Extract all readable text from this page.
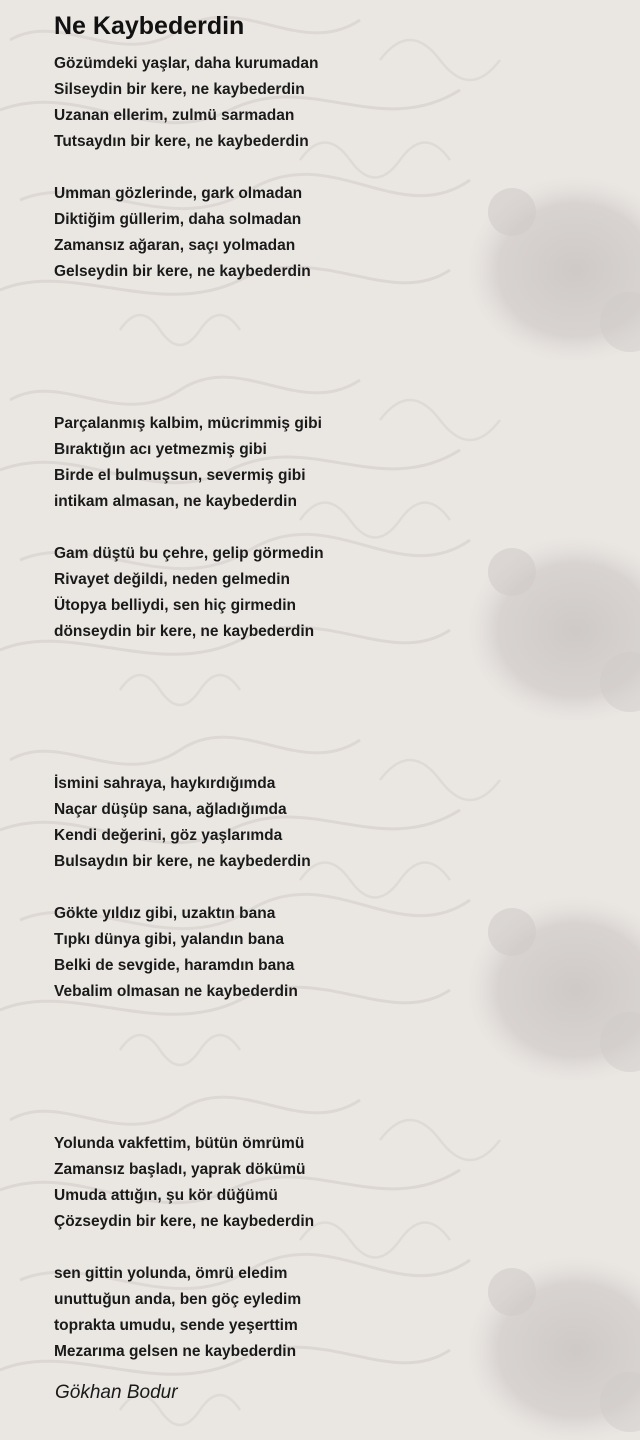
Ne Kaybederdin
Gözümdeki yaşlar, daha kurumadan
Silseydin bir kere, ne kaybederdin
Uzanan ellerim, zulmü sarmadan
Tutsaydın bir kere, ne kaybederdin
Umman gözlerinde, gark olmadan
Diktiğim güllerim, daha solmadan
Zamansız ağaran, saçı yolmadan
Gelseydin bir kere, ne kaybederdin
Parçalanmış kalbim, mücrimmiş gibi
Bıraktığın acı yetmezmiş gibi
Birde el bulmuşsun, severmiş gibi
intikam almasan, ne kaybederdin
Gam düştü bu çehre, gelip görmedin
Rivayet değildi, neden gelmedin
Ütopya belliydi, sen hiç girmedin
dönseydin bir kere, ne kaybederdin
İsmini sahraya, haykırdığımda
Naçar düşüp sana, ağladığımda
Kendi değerini, göz yaşlarımda
Bulsaydın bir kere, ne kaybederdin
Gökte yıldız gibi, uzaktın bana
Tıpkı dünya gibi, yalandın bana
Belki de sevgide, haramdın bana
Vebalim olmasan ne kaybederdin
Yolunda vakfettim, bütün ömrümü
Zamansız başladı, yaprak dökümü
Umuda attığın, şu kör düğümü
Çözseydin bir kere, ne kaybederdin
sen gittin yolunda, ömrü eledim
unuttuğun anda, ben göç eyledim
toprakta umudu, sende yeşerttim
Mezarıma gelsen ne kaybederdin
Gökhan Bodur
